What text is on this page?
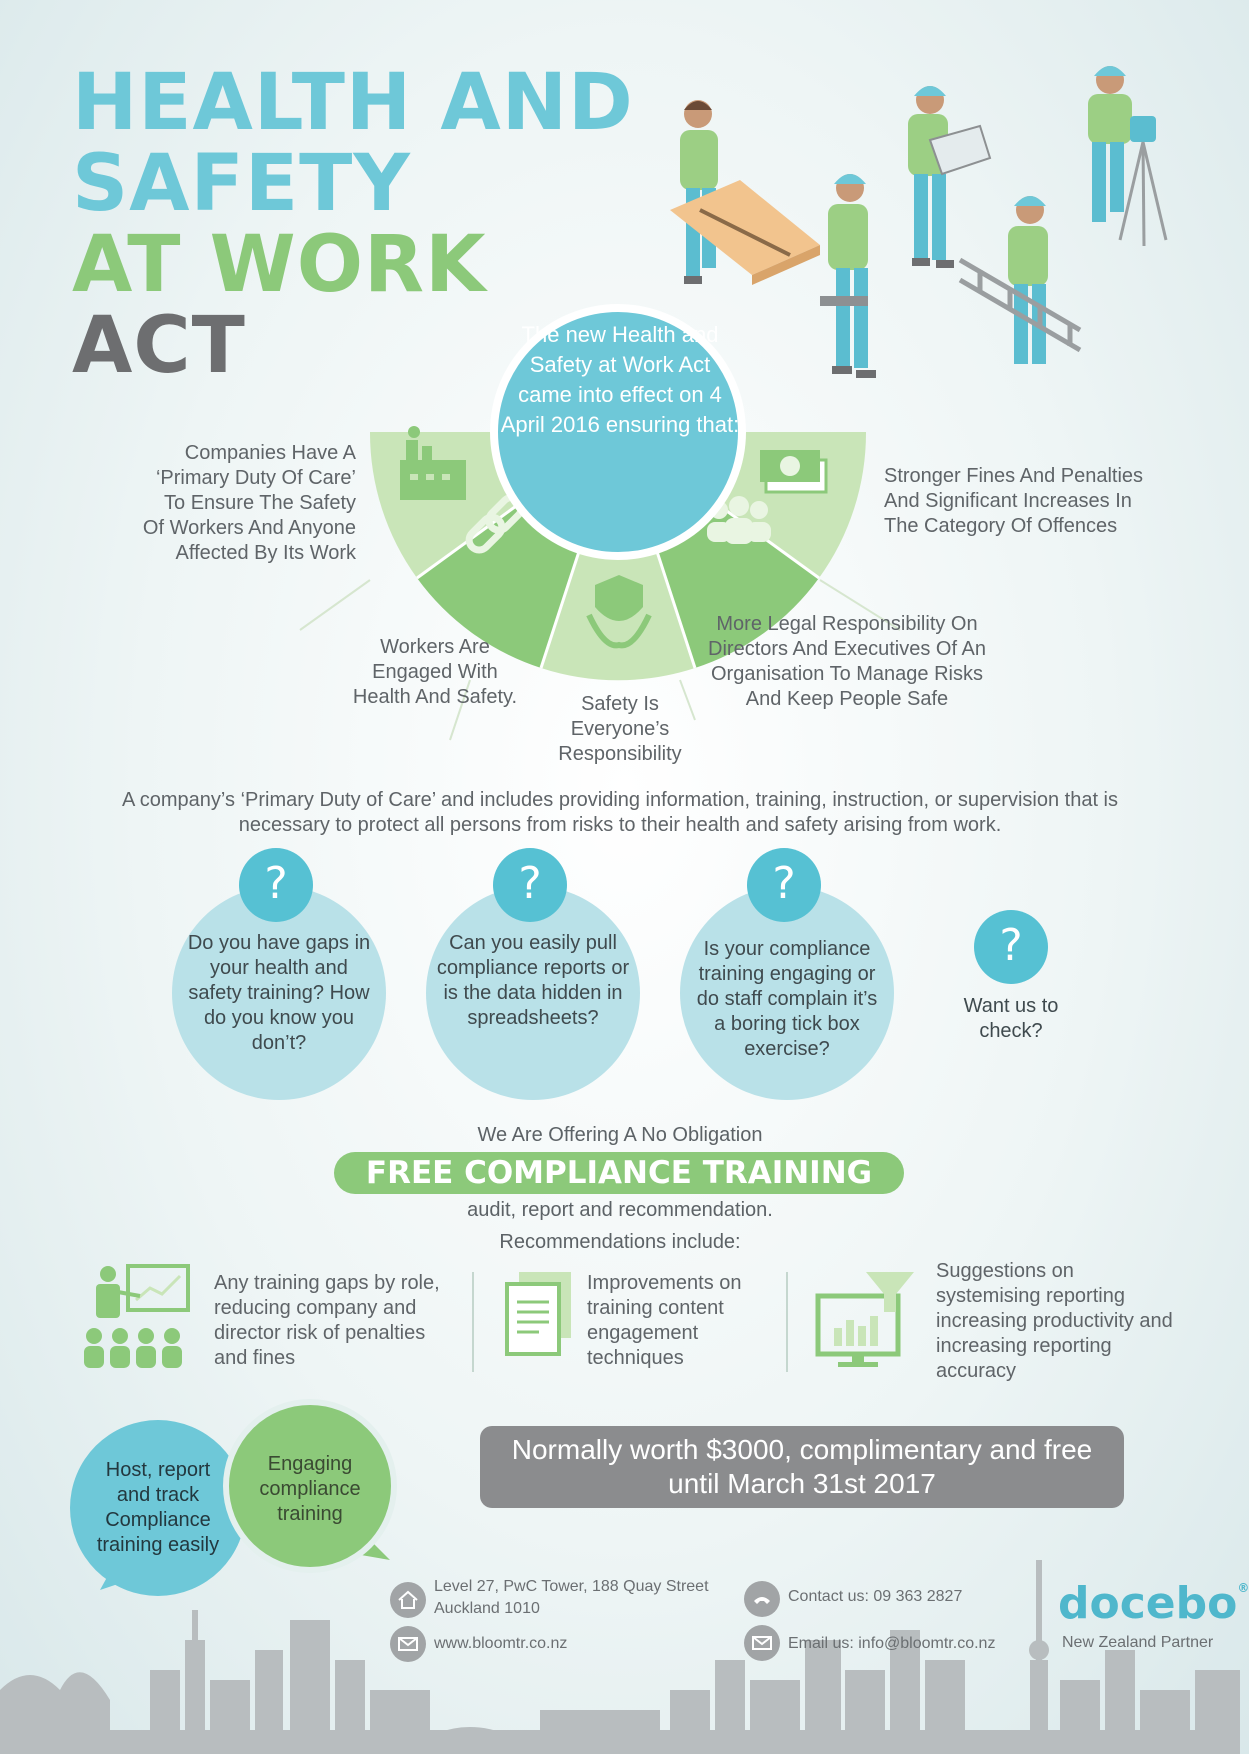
HEALTH AND
SAFETY
AT WORK
ACT	The new Health and Safety at Work Act came into effect on 4 April 2016 ensuring that:
Companies Have A ‘Primary Duty Of Care’ To Ensure The Safety Of Workers And Anyone Affected By Its Work
Workers Are Engaged With Health And Safety.	Safety Is Everyone’s Responsibility
More Legal Responsibility On Directors And Executives Of An Organisation To Manage Risks And Keep People Safe
Stronger Fines And Penalties And Significant Increases In The Category Of Offences
A company’s ‘Primary Duty of Care’ and includes providing information, training, instruction, or supervision that is necessary to protect all persons from risks to their health and safety arising from work.
?
Do you have gaps in your health and safety training? How do you know you don’t?
?
Can you easily pull compliance reports or is the data hidden in spreadsheets?
?
Is your compliance training engaging or do staff complain it’s a boring tick box exercise?
?
Want us to check?
We Are Offering A No Obligation
FREE COMPLIANCE TRAINING
audit, report and recommendation.
Recommendations include:
Any training gaps by role, reducing company and director risk of penalties and fines
Improvements on training content engagement techniques
Suggestions on systemising reporting increasing productivity and increasing reporting accuracy
Host, report and track Compliance training easily
Engaging compliance training
Normally worth $3000, complimentary and free until March 31st 2017
Level 27, PwC Tower, 188 Quay Street Auckland 1010
www.bloomtr.co.nz
Contact us: 09 363 2827
Email us: info@bloomtr.co.nz
docebo®
New Zealand Partner
